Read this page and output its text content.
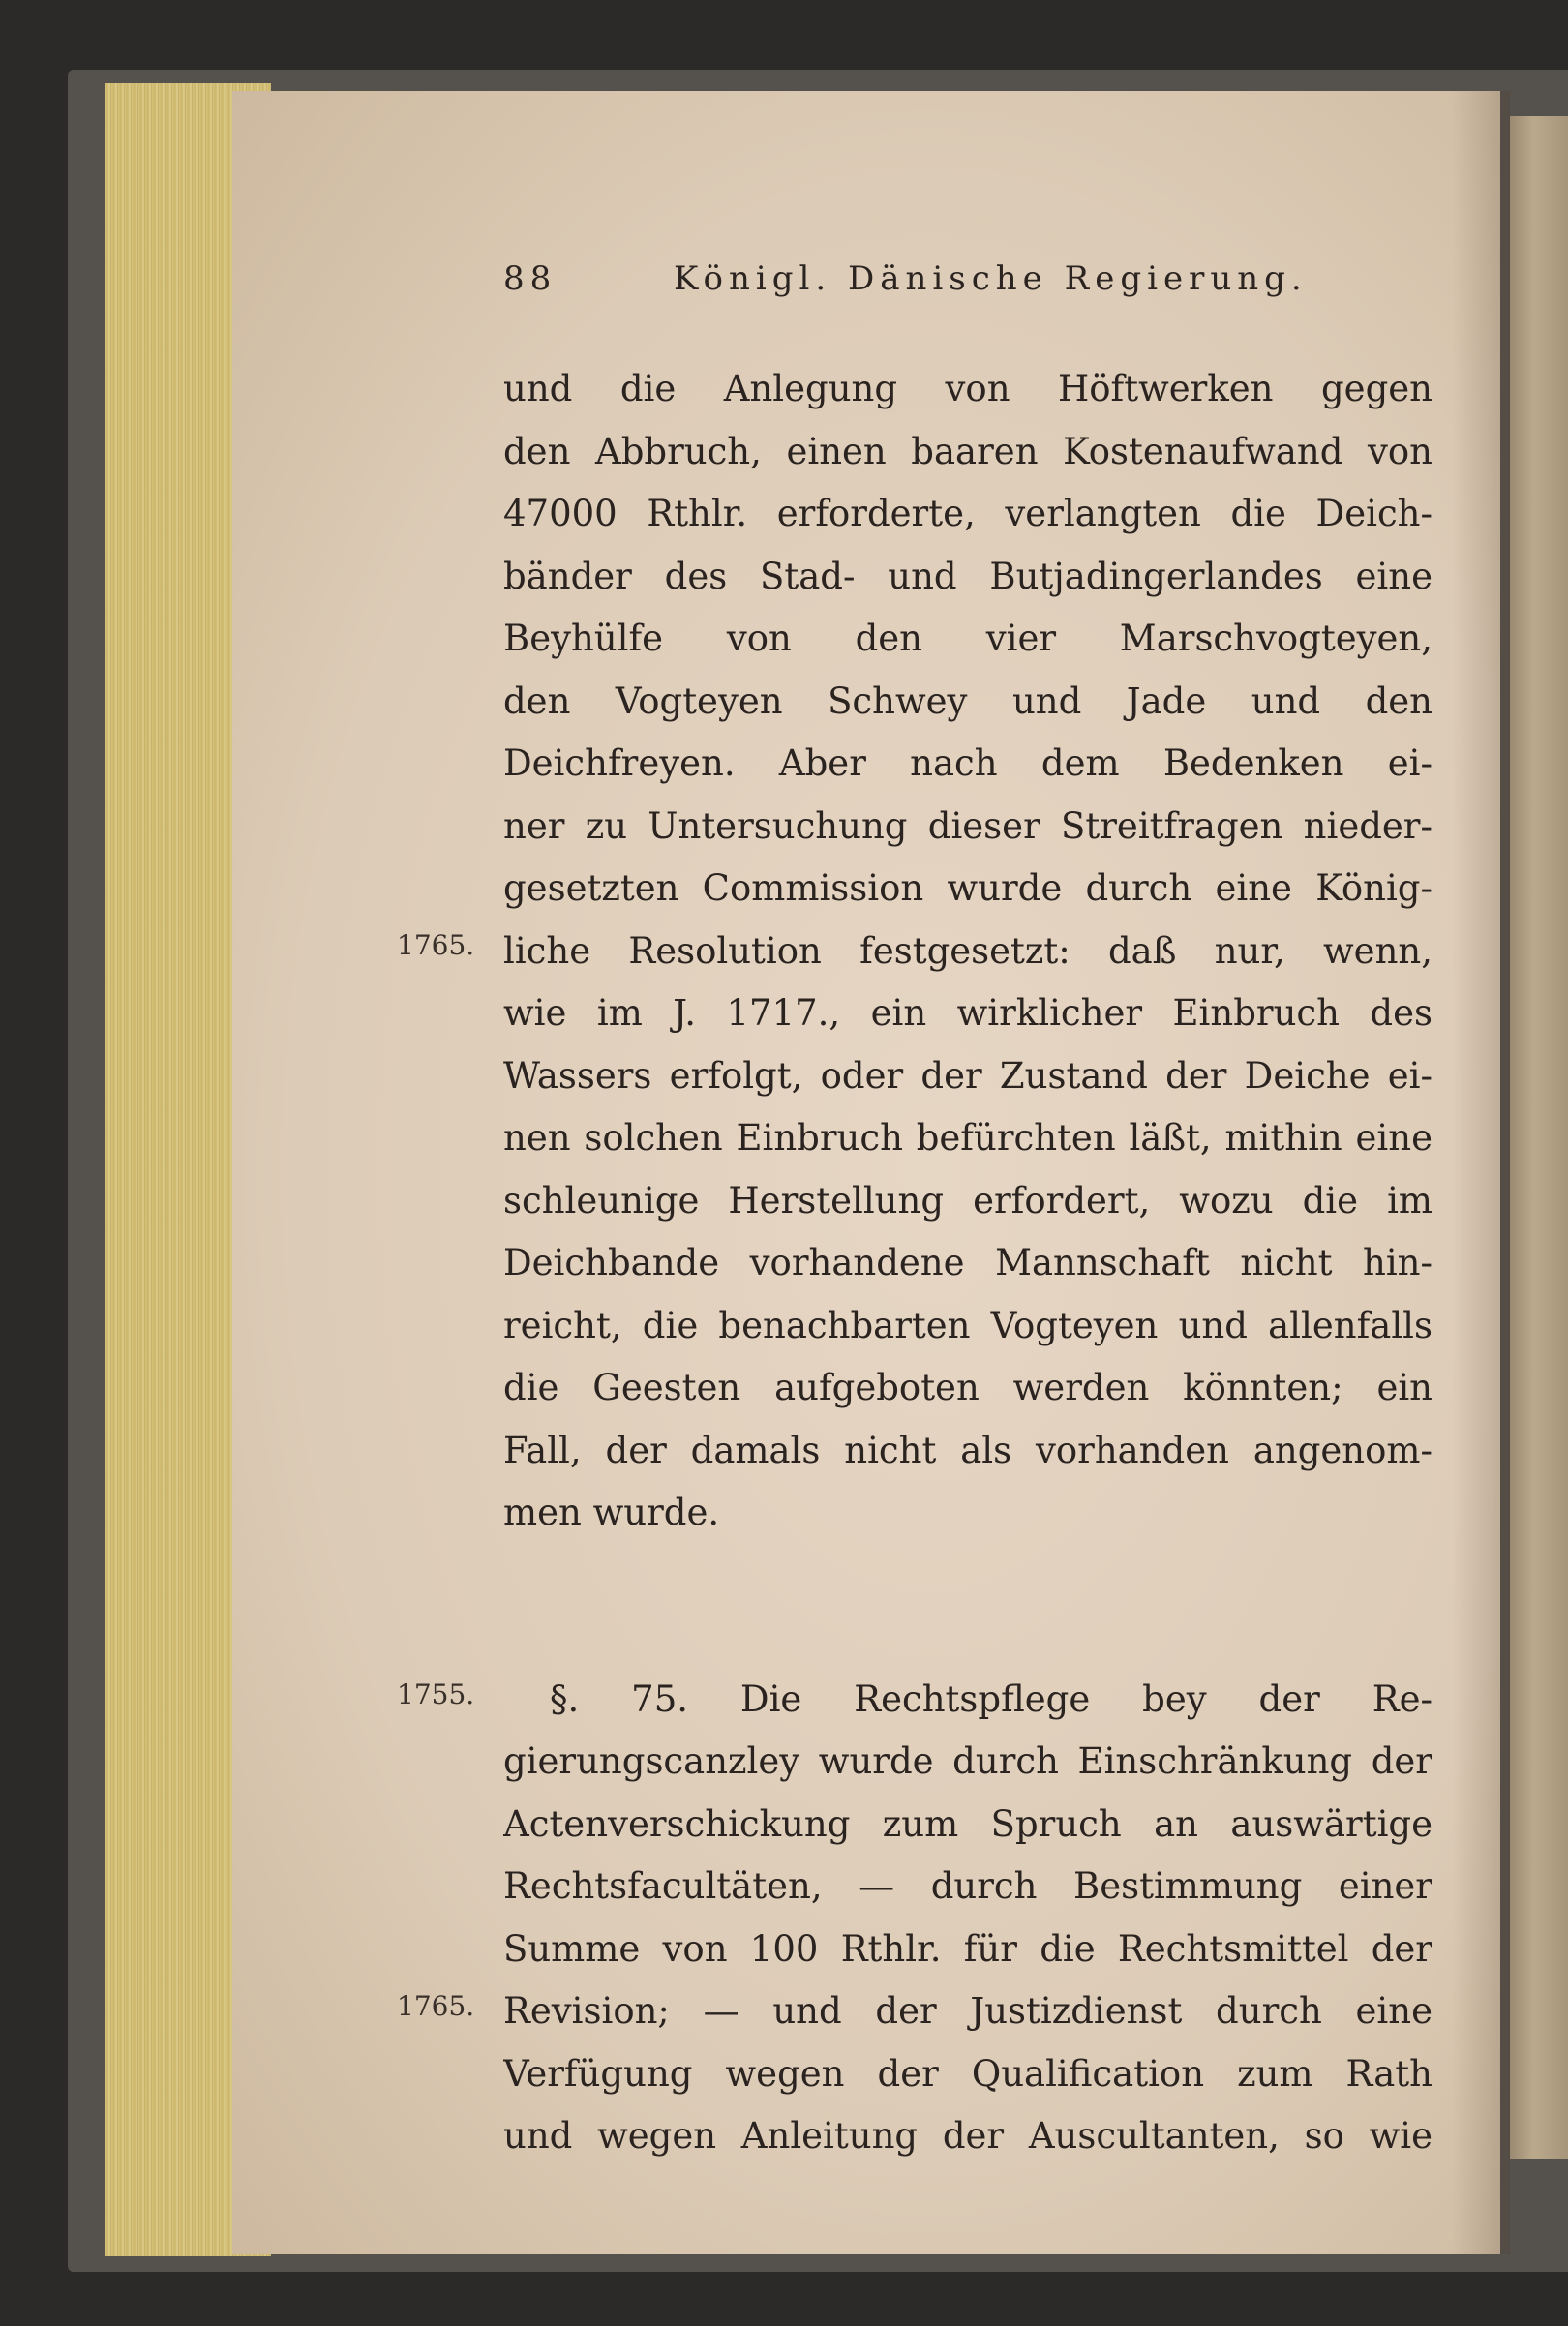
88	Königl. Dänische Regierung.
1765.
1755.
1765.
und die Anlegung von Höftwerken gegen
den Abbruch, einen baaren Kostenaufwand von
47000 Rthlr. erforderte, verlangten die Deich-
bänder des Stad- und Butjadingerlandes eine
Beyhülfe von den vier Marschvogteyen,
den Vogteyen Schwey und Jade und den
Deichfreyen. Aber nach dem Bedenken ei-
ner zu Untersuchung dieser Streitfragen nieder-
gesetzten Commission wurde durch eine König-
liche Resolution festgesetzt: daß nur, wenn,
wie im J. 1717., ein wirklicher Einbruch des
Wassers erfolgt, oder der Zustand der Deiche ei-
nen solchen Einbruch befürchten läßt, mithin eine
schleunige Herstellung erfordert, wozu die im
Deichbande vorhandene Mannschaft nicht hin-
reicht, die benachbarten Vogteyen und allenfalls
die Geesten aufgeboten werden könnten; ein
Fall, der damals nicht als vorhanden angenom-
men wurde.
§. 75. Die Rechtspflege bey der Re-
gierungscanzley wurde durch Einschränkung der
Actenverschickung zum Spruch an auswärtige
Rechtsfacultäten, — durch Bestimmung einer
Summe von 100 Rthlr. für die Rechtsmittel der
Revision; — und der Justizdienst durch eine
Verfügung wegen der Qualification zum Rath
und wegen Anleitung der Auscultanten, so wie
